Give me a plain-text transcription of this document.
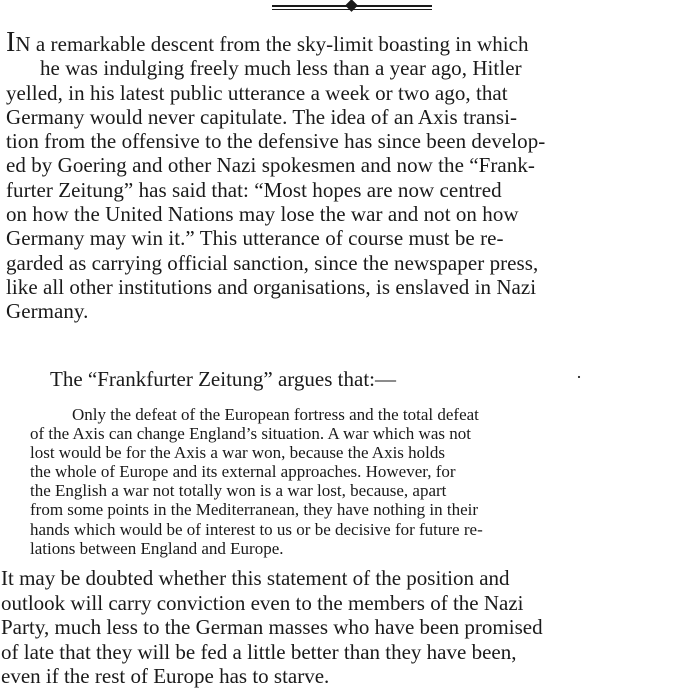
IN a remarkable descent from the sky-limit boasting in which
he was indulging freely much less than a year ago, Hitler
yelled, in his latest public utterance a week or two ago, that
Germany would never capitulate. The idea of an Axis transi-
tion from the offensive to the defensive has since been develop-
ed by Goering and other Nazi spokesmen and now the “Frank-
furter Zeitung” has said that: “Most hopes are now centred
on how the United Nations may lose the war and not on how
Germany may win it.” This utterance of course must be re-
garded as carrying official sanction, since the newspaper press,
like all other institutions and organisations, is enslaved in Nazi
Germany.
The “Frankfurter Zeitung” argues that:—	·
Only the defeat of the European fortress and the total defeat
of the Axis can change England’s situation. A war which was not
lost would be for the Axis a war won, because the Axis holds
the whole of Europe and its external approaches. However, for
the English a war not totally won is a war lost, because, apart
from some points in the Mediterranean, they have nothing in their
hands which would be of interest to us or be decisive for future re-
lations between England and Europe.
It may be doubted whether this statement of the position and
outlook will carry conviction even to the members of the Nazi
Party, much less to the German masses who have been promised
of late that they will be fed a little better than they have been,
even if the rest of Europe has to starve.
